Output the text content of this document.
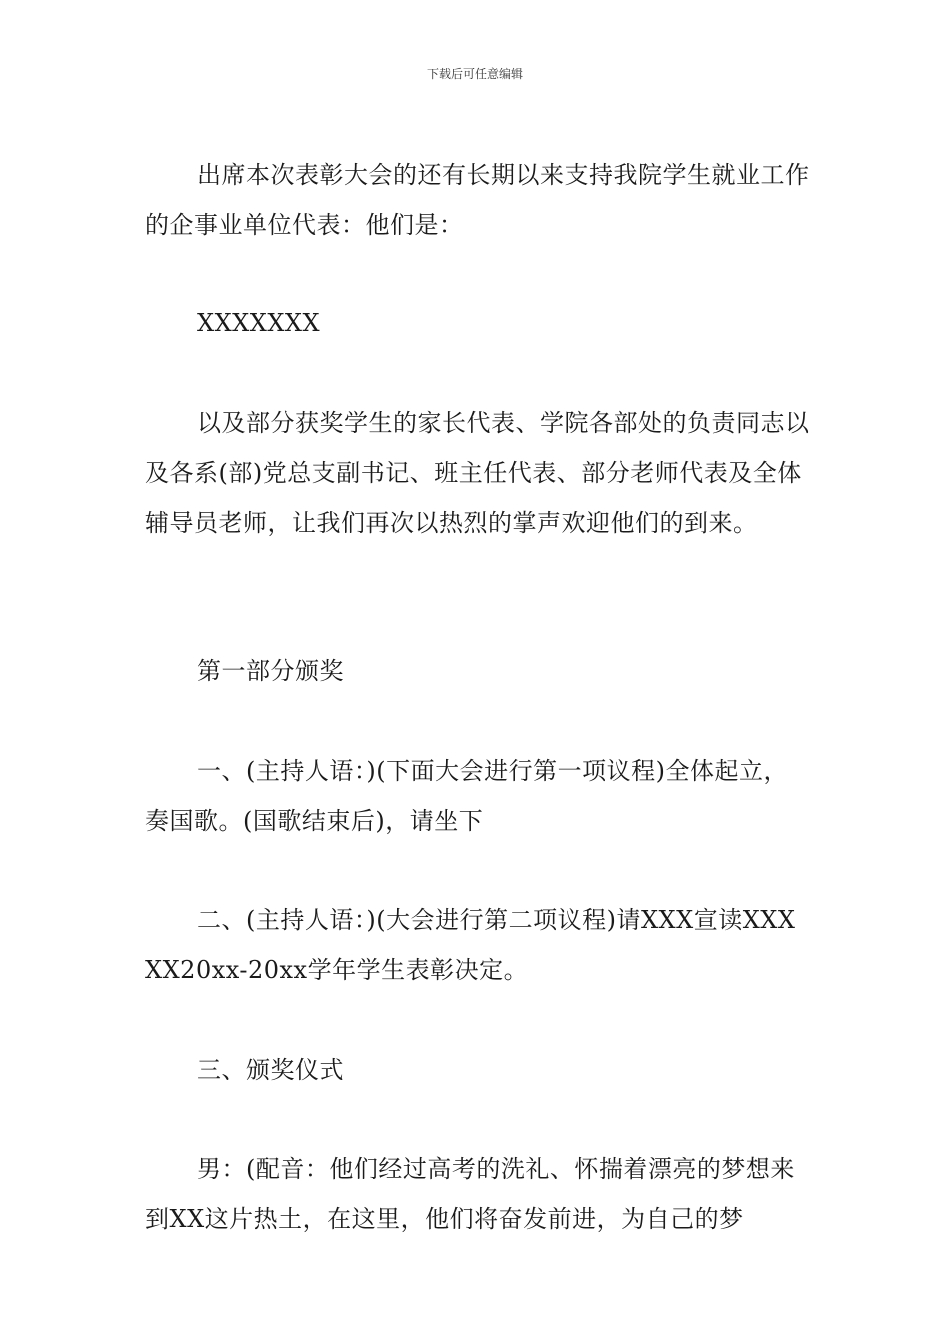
下载后可任意编辑

出席本次表彰大会的还有长期以来支持我院学生就业工作的企事业单位代表：他们是：

XXXXXXX

以及部分获奖学生的家长代表、学院各部处的负责同志以及各系(部)党总支副书记、班主任代表、部分老师代表及全体辅导员老师，让我们再次以热烈的掌声欢迎他们的到来。

第一部分颁奖

一、(主持人语：)(下面大会进行第一项议程)全体起立，奏国歌。(国歌结束后)，请坐下

二、(主持人语：)(大会进行第二项议程)请XXX宣读XXXXX20xx-20xx学年学生表彰决定。

三、颁奖仪式

男：(配音：他们经过高考的洗礼、怀揣着漂亮的梦想来到XX这片热土，在这里，他们将奋发前进，为自己的梦
